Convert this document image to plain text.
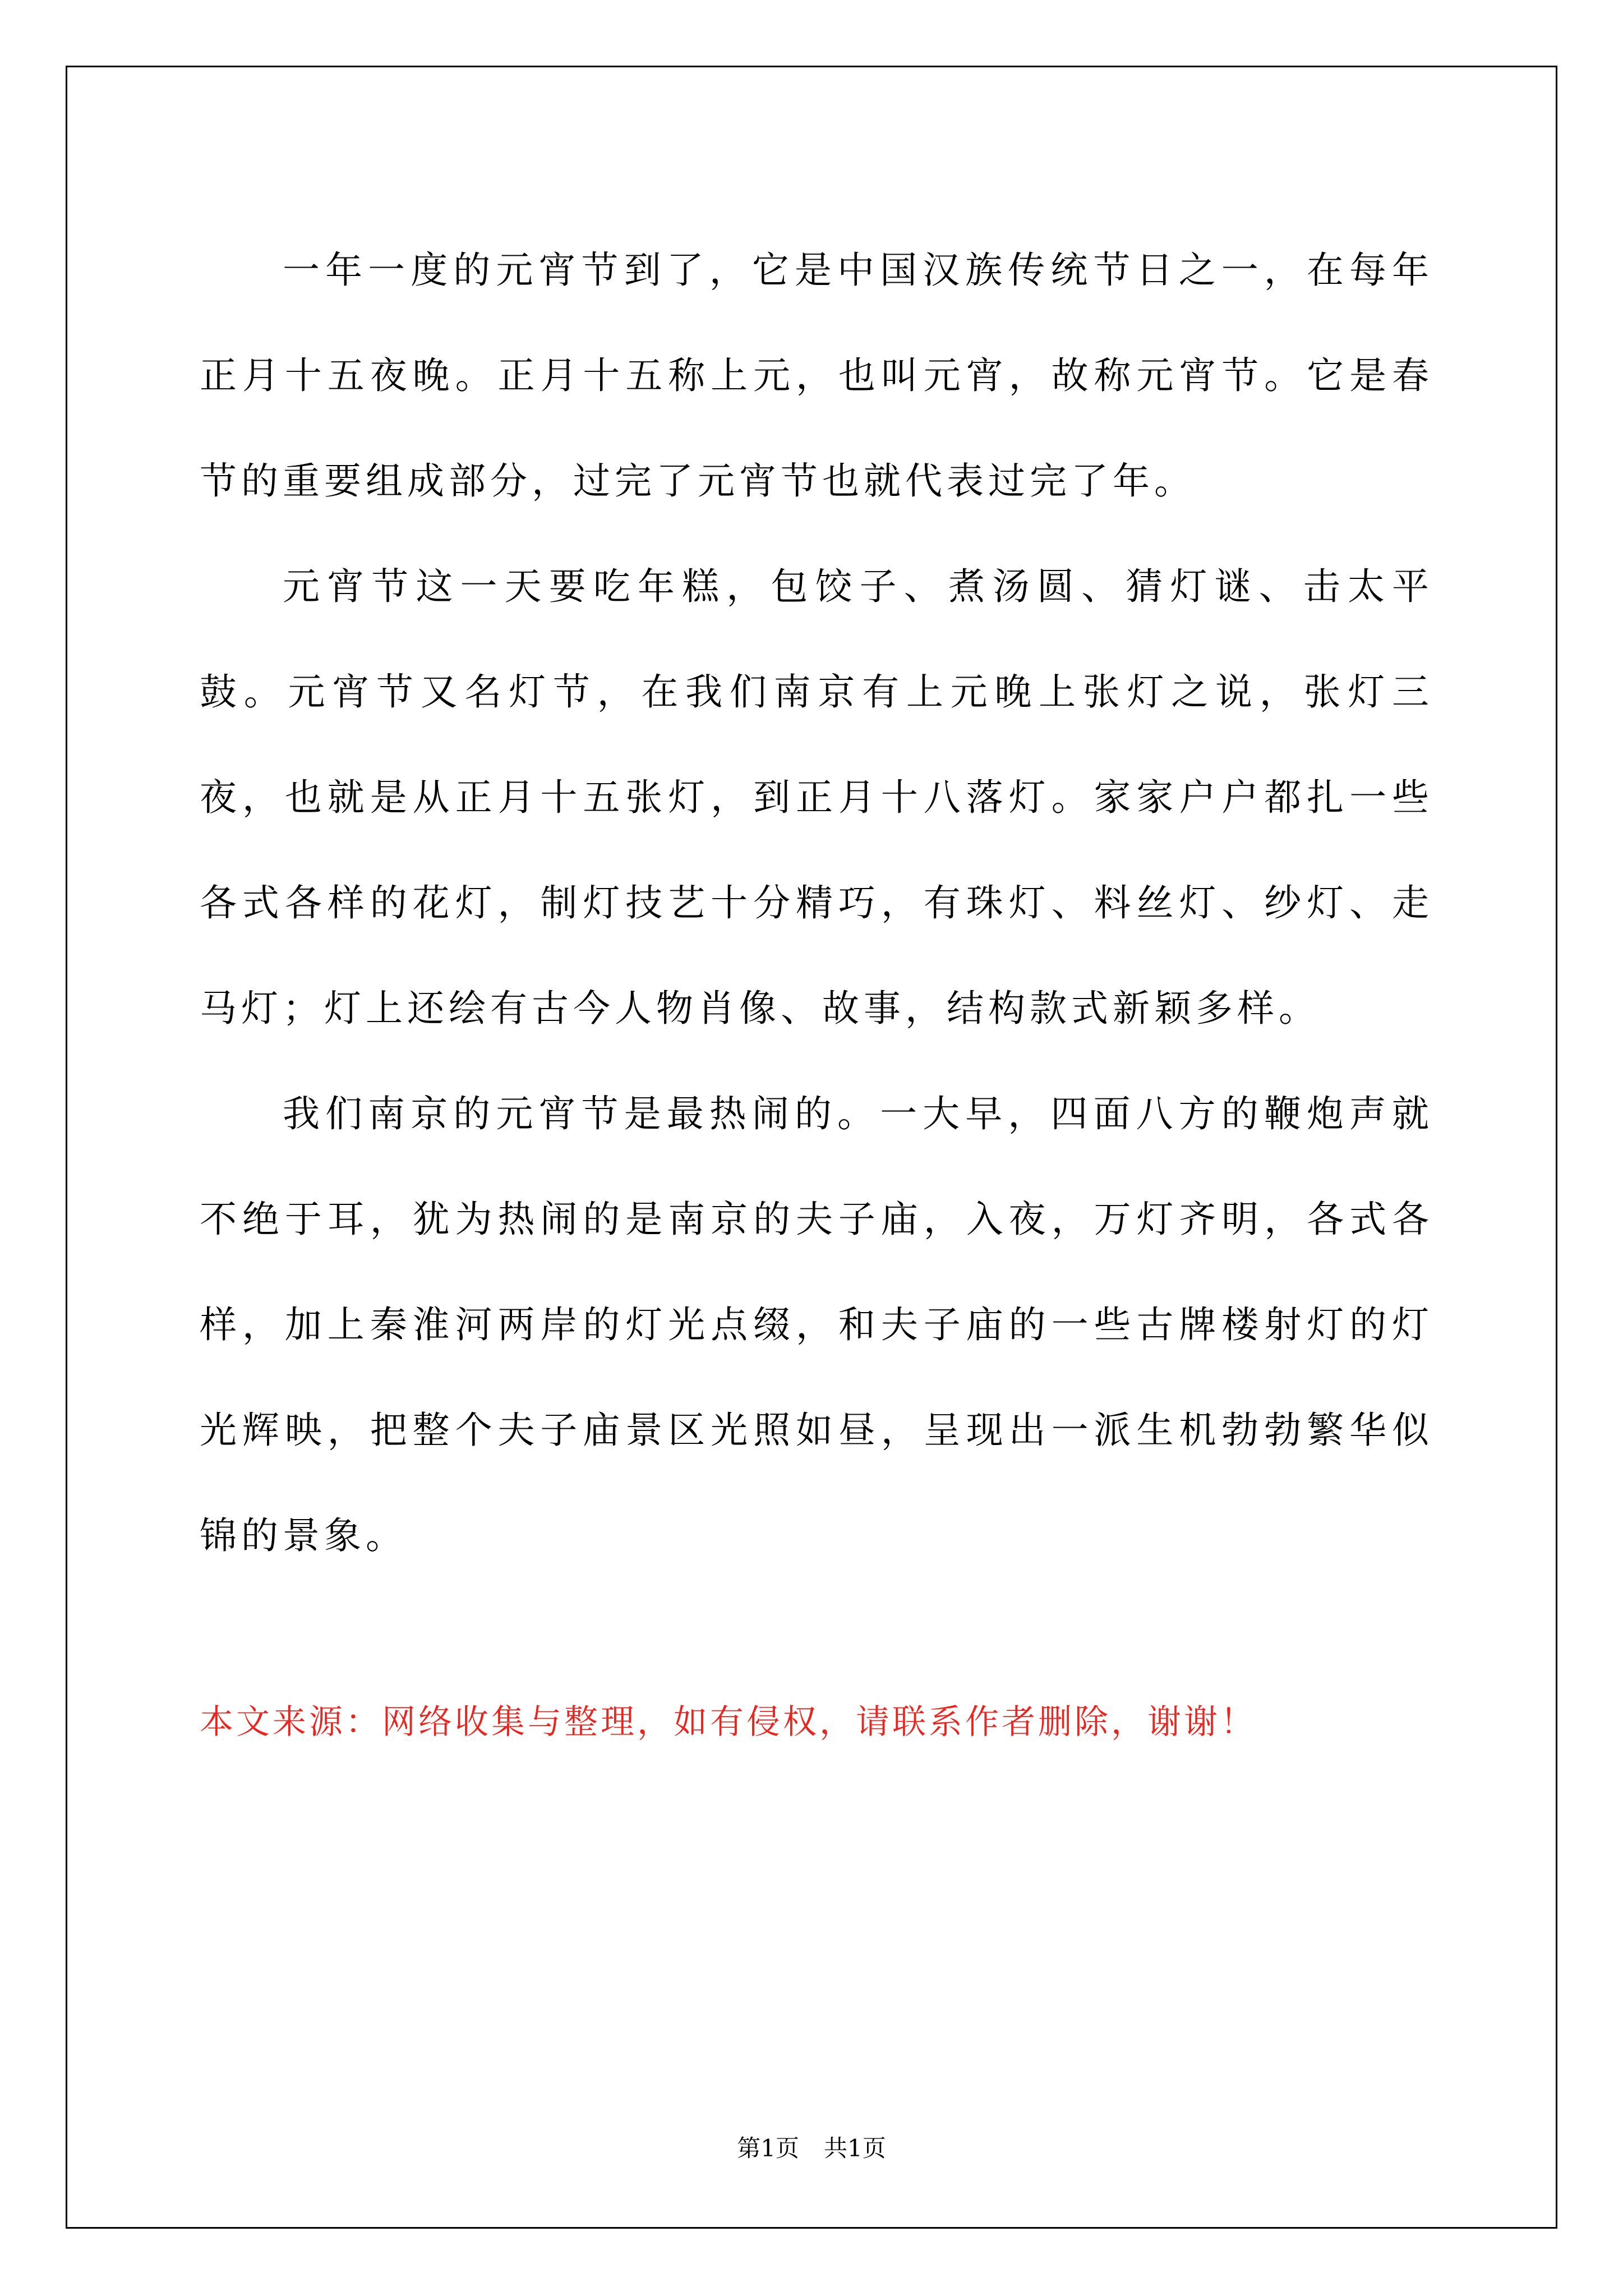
一年一度的元宵节到了，它是中国汉族传统节日之一，在每年正月十五夜晚。正月十五称上元，也叫元宵，故称元宵节。它是春节的重要组成部分，过完了元宵节也就代表过完了年。

元宵节这一天要吃年糕，包饺子、煮汤圆、猜灯谜、击太平鼓。元宵节又名灯节，在我们南京有上元晚上张灯之说，张灯三夜，也就是从正月十五张灯，到正月十八落灯。家家户户都扎一些各式各样的花灯，制灯技艺十分精巧，有珠灯、料丝灯、纱灯、走马灯；灯上还绘有古今人物肖像、故事，结构款式新颖多样。

我们南京的元宵节是最热闹的。一大早，四面八方的鞭炮声就不绝于耳，犹为热闹的是南京的夫子庙，入夜，万灯齐明，各式各样，加上秦淮河两岸的灯光点缀，和夫子庙的一些古牌楼射灯的灯光辉映，把整个夫子庙景区光照如昼，呈现出一派生机勃勃繁华似锦的景象。

本文来源：网络收集与整理，如有侵权，请联系作者删除，谢谢！

第1页 共1页
